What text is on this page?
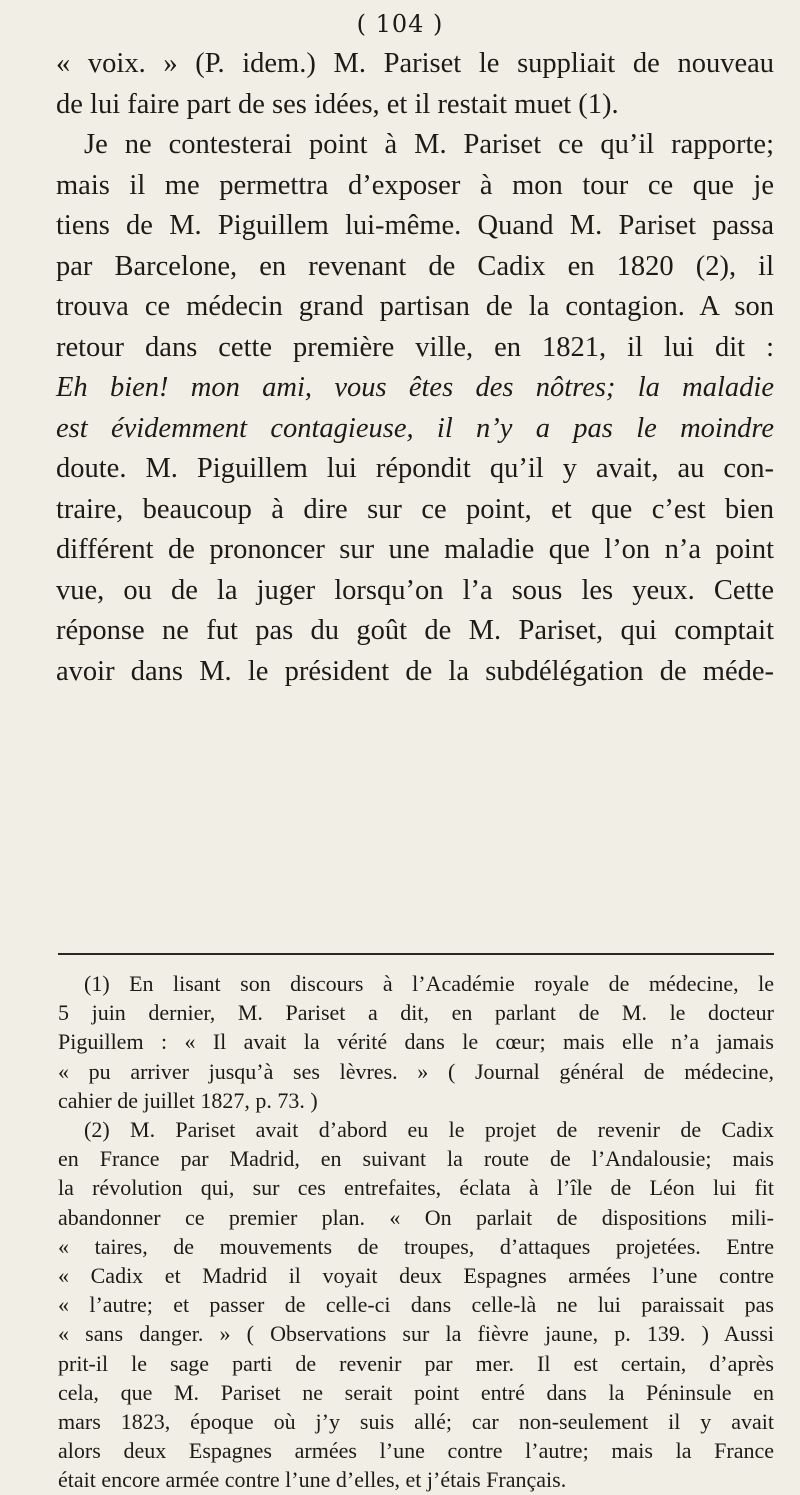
( 104 )
« voix. » (P. idem.) M. Pariset le suppliait de nouveau
de lui faire part de ses idées, et il restait muet (1).
Je ne contesterai point à M. Pariset ce qu’il rapporte;
mais il me permettra d’exposer à mon tour ce que je
tiens de M. Piguillem lui-même. Quand M. Pariset passa
par Barcelone, en revenant de Cadix en 1820 (2), il
trouva ce médecin grand partisan de la contagion. A son
retour dans cette première ville, en 1821, il lui dit :
Eh bien! mon ami, vous êtes des nôtres; la maladie
est évidemment contagieuse, il n’y a pas le moindre
doute. M. Piguillem lui répondit qu’il y avait, au con-
traire, beaucoup à dire sur ce point, et que c’est bien
différent de prononcer sur une maladie que l’on n’a point
vue, ou de la juger lorsqu’on l’a sous les yeux. Cette
réponse ne fut pas du goût de M. Pariset, qui comptait
avoir dans M. le président de la subdélégation de méde-
(1) En lisant son discours à l’Académie royale de médecine, le
5 juin dernier, M. Pariset a dit, en parlant de M. le docteur
Piguillem : « Il avait la vérité dans le cœur; mais elle n’a jamais
« pu arriver jusqu’à ses lèvres. » ( Journal général de médecine,
cahier de juillet 1827, p. 73. )
(2) M. Pariset avait d’abord eu le projet de revenir de Cadix
en France par Madrid, en suivant la route de l’Andalousie; mais
la révolution qui, sur ces entrefaites, éclata à l’île de Léon lui fit
abandonner ce premier plan. « On parlait de dispositions mili-
« taires, de mouvements de troupes, d’attaques projetées. Entre
« Cadix et Madrid il voyait deux Espagnes armées l’une contre
« l’autre; et passer de celle-ci dans celle-là ne lui paraissait pas
« sans danger. » ( Observations sur la fièvre jaune, p. 139. ) Aussi
prit-il le sage parti de revenir par mer. Il est certain, d’après
cela, que M. Pariset ne serait point entré dans la Péninsule en
mars 1823, époque où j’y suis allé; car non-seulement il y avait
alors deux Espagnes armées l’une contre l’autre; mais la France
était encore armée contre l’une d’elles, et j’étais Français.
